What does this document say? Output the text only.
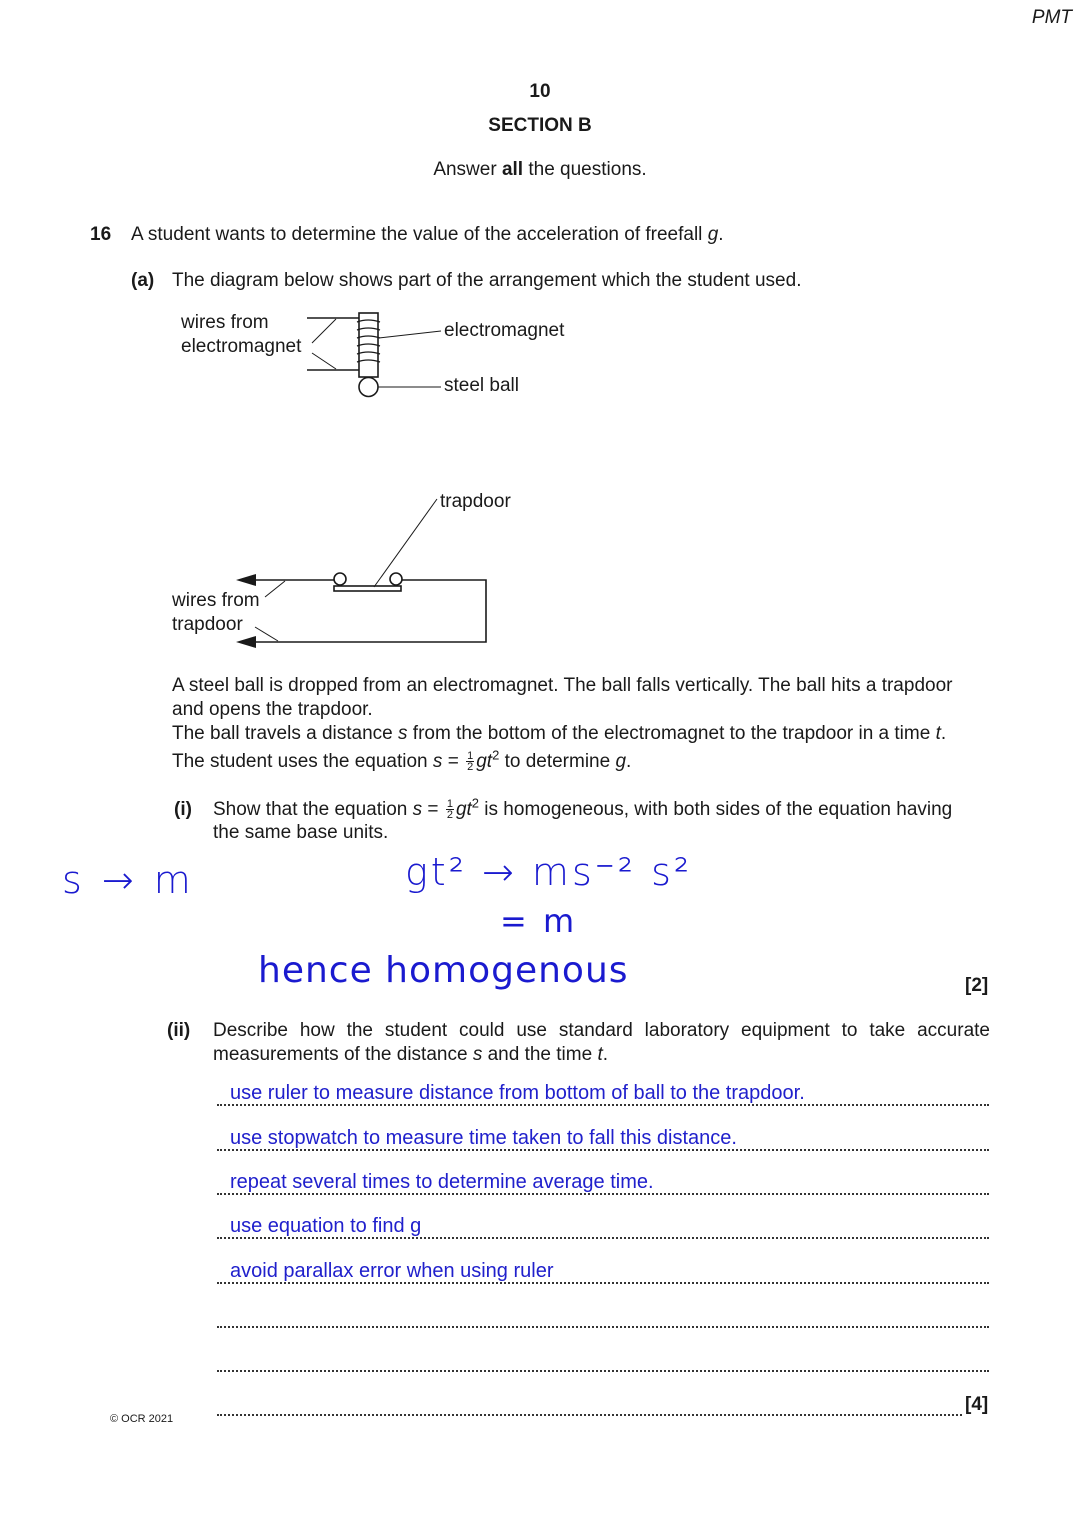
PMT
10
SECTION B
Answer all the questions.
16 A student wants to determine the value of the acceleration of freefall g.
(a) The diagram below shows part of the arrangement which the student used.
wires from
electromagnet
electromagnet
steel ball
trapdoor
wires from
trapdoor
A steel ball is dropped from an electromagnet. The ball falls vertically. The ball hits a trapdoor
and opens the trapdoor.
The ball travels a distance s from the bottom of the electromagnet to the trapdoor in a time t.
The student uses the equation $s = \frac{1}{2} gt^2$ to determine g.
(i) Show that the equation $s = \frac{1}{2} gt^2$ is homogeneous, with both sides of the equation having
the same base units.
s → m	gt² → ms⁻² s²
= m
hence homogenous	[2]
(ii) Describe how the student could use standard laboratory equipment to take accurate
measurements of the distance s and the time t.
use ruler to measure distance from bottom of ball to the trapdoor.
use stopwatch to measure time taken to fall this distance.
repeat several times to determine average time.
use equation to find g
avoid parallax error when using ruler
[4]
© OCR 2021
